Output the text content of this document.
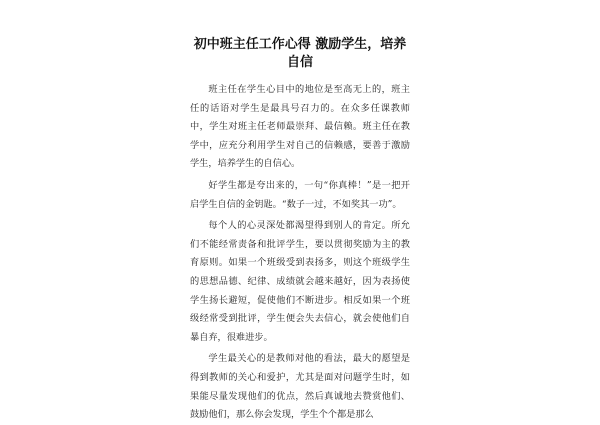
初中班主任工作心得 激励学生，培养自信

班主任在学生心目中的地位是至高无上的，班主任的话语对学生是最具号召力的。在众多任课教师中，学生对班主任老师最崇拜、最信赖。班主任在教学中，应充分利用学生对自己的信赖感，要善于激励学生，培养学生的自信心。

好学生都是夸出来的，一句“你真棒！”是一把开启学生自信的金钥匙。“数子一过，不如奖其一功”。

每个人的心灵深处都渴望得到别人的肯定。所允们不能经常责备和批评学生，要以贯彻奖励为主的教育原则。如果一个班级受到表扬多，则这个班级学生的思想品德、纪律、成绩就会越来越好，因为表扬使学生扬长避短，促使他们不断进步。相反如果一个班级经常受到批评，学生便会失去信心，就会使他们自暴自弃，很难进步。

学生最关心的是教师对他的看法，最大的愿望是得到教师的关心和爱护，尤其是面对问题学生时，如果能尽量发现他们的优点，然后真诚地去赞赏他们、鼓励他们，那么你会发现，学生个个都是那么
